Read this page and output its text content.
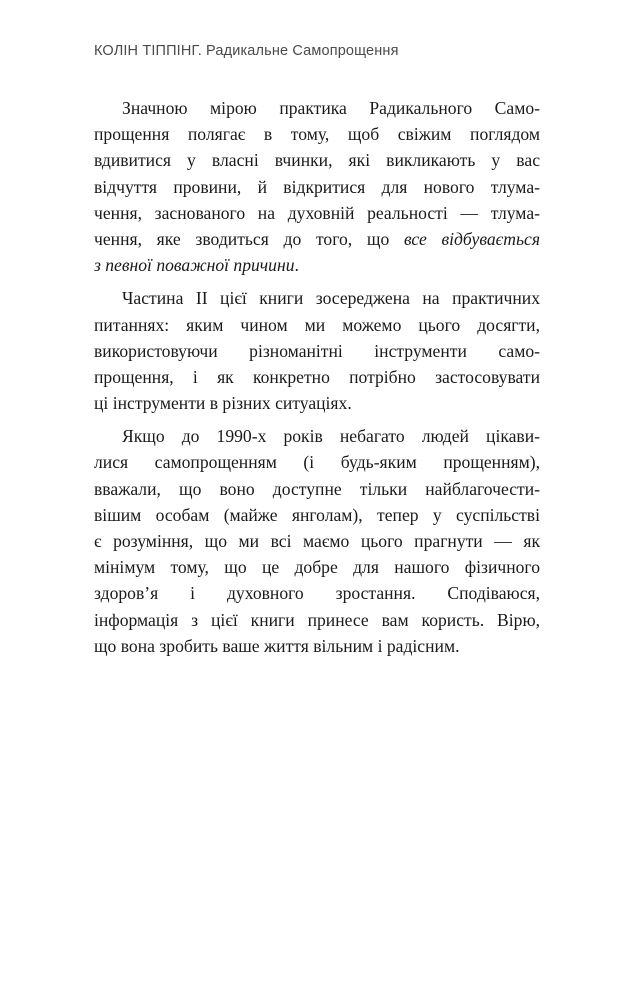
КОЛІН ТІППІНГ. Радикальне Самопрощення
Значною мірою практика Радикального Само-
прощення полягає в тому, щоб свіжим поглядом
вдивитися у власні вчинки, які викликають у вас
відчуття провини, й відкритися для нового тлума-
чення, заснованого на духовній реальності — тлума-
чення, яке зводиться до того, що все відбувається
з певної поважної причини.
Частина II цієї книги зосереджена на практичних
питаннях: яким чином ми можемо цього досягти,
використовуючи різноманітні інструменти само-
прощення, і як конкретно потрібно застосовувати
ці інструменти в різних ситуаціях.
Якщо до 1990-х років небагато людей цікави-
лися самопрощенням (і будь-яким прощенням),
вважали, що воно доступне тільки найблагочести-
вішим особам (майже янголам), тепер у суспільстві
є розуміння, що ми всі маємо цього прагнути — як
мінімум тому, що це добре для нашого фізичного
здоров’я і духовного зростання. Сподіваюся,
інформація з цієї книги принесе вам користь. Вірю,
що вона зробить ваше життя вільним і радісним.
